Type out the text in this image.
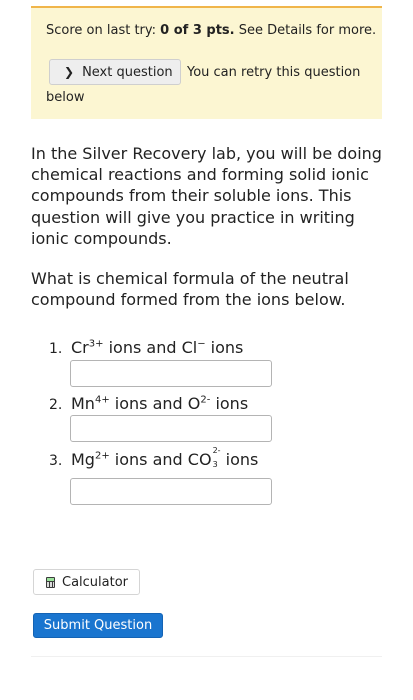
Score on last try: 0 of 3 pts. See Details for more.
❯ Next question You can retry this question
below
In the Silver Recovery lab, you will be doing chemical reactions and forming solid ionic compounds from their soluble ions. This question will give you practice in writing ionic compounds.
What is chemical formula of the neutral compound formed from the ions below.
1. $Cr^{3+}$ ions and Cl− ions
2. $Mn^{4+}$ ions and $O^{2-}$ ions
3. $Mg^{2+}$ ions and CO 2-
3 ions
Calculator
Submit Question
